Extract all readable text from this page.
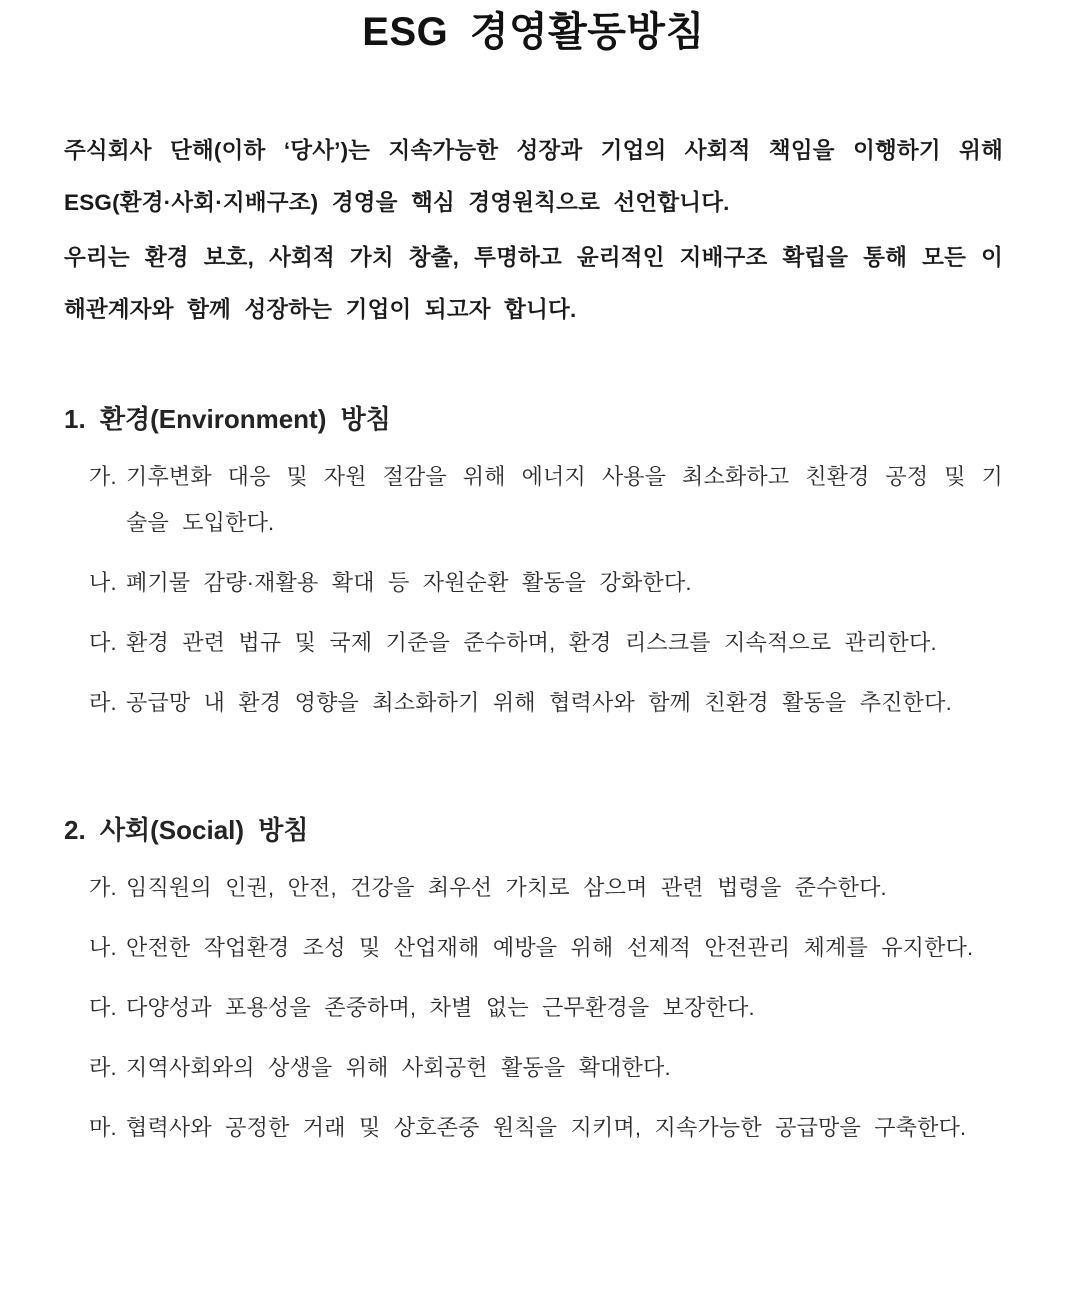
ESG 경영활동방침
주식회사 단해(이하 ‘당사’)는 지속가능한 성장과 기업의 사회적 책임을 이행하기 위해
ESG(환경·사회·지배구조) 경영을 핵심 경영원칙으로 선언합니다.
우리는 환경 보호, 사회적 가치 창출, 투명하고 윤리적인 지배구조 확립을 통해 모든 이
해관계자와 함께 성장하는 기업이 되고자 합니다.
1. 환경(Environment) 방침
가. 기후변화 대응 및 자원 절감을 위해 에너지 사용을 최소화하고 친환경 공정 및 기
술을 도입한다.
나. 폐기물 감량·재활용 확대 등 자원순환 활동을 강화한다.
다. 환경 관련 법규 및 국제 기준을 준수하며, 환경 리스크를 지속적으로 관리한다.
라. 공급망 내 환경 영향을 최소화하기 위해 협력사와 함께 친환경 활동을 추진한다.
2. 사회(Social) 방침
가. 임직원의 인권, 안전, 건강을 최우선 가치로 삼으며 관련 법령을 준수한다.
나. 안전한 작업환경 조성 및 산업재해 예방을 위해 선제적 안전관리 체계를 유지한다.
다. 다양성과 포용성을 존중하며, 차별 없는 근무환경을 보장한다.
라. 지역사회와의 상생을 위해 사회공헌 활동을 확대한다.
마. 협력사와 공정한 거래 및 상호존중 원칙을 지키며, 지속가능한 공급망을 구축한다.
